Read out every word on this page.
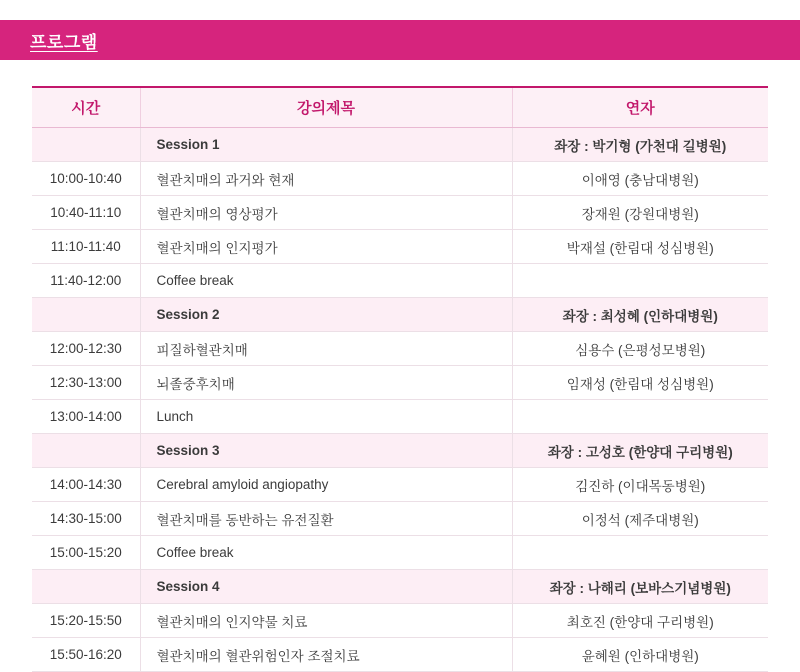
프로그램
시간	강의제목	연자
	Session 1	좌장 : 박기형 (가천대 길병원)
10:00-10:40	혈관치매의 과거와 현재	이애영 (충남대병원)
10:40-11:10	혈관치매의 영상평가	장재원 (강원대병원)
11:10-11:40	혈관치매의 인지평가	박재설 (한림대 성심병원)
11:40-12:00	Coffee break	
	Session 2	좌장 : 최성혜 (인하대병원)
12:00-12:30	피질하혈관치매	심용수 (은평성모병원)
12:30-13:00	뇌졸중후치매	임재성 (한림대 성심병원)
13:00-14:00	Lunch	
	Session 3	좌장 : 고성호 (한양대 구리병원)
14:00-14:30	Cerebral amyloid angiopathy	김진하 (이대목동병원)
14:30-15:00	혈관치매를 동반하는 유전질환	이정석 (제주대병원)
15:00-15:20	Coffee break	
	Session 4	좌장 : 나해리 (보바스기념병원)
15:20-15:50	혈관치매의 인지약물 치료	최호진 (한양대 구리병원)
15:50-16:20	혈관치매의 혈관위험인자 조절치료	윤혜원 (인하대병원)
